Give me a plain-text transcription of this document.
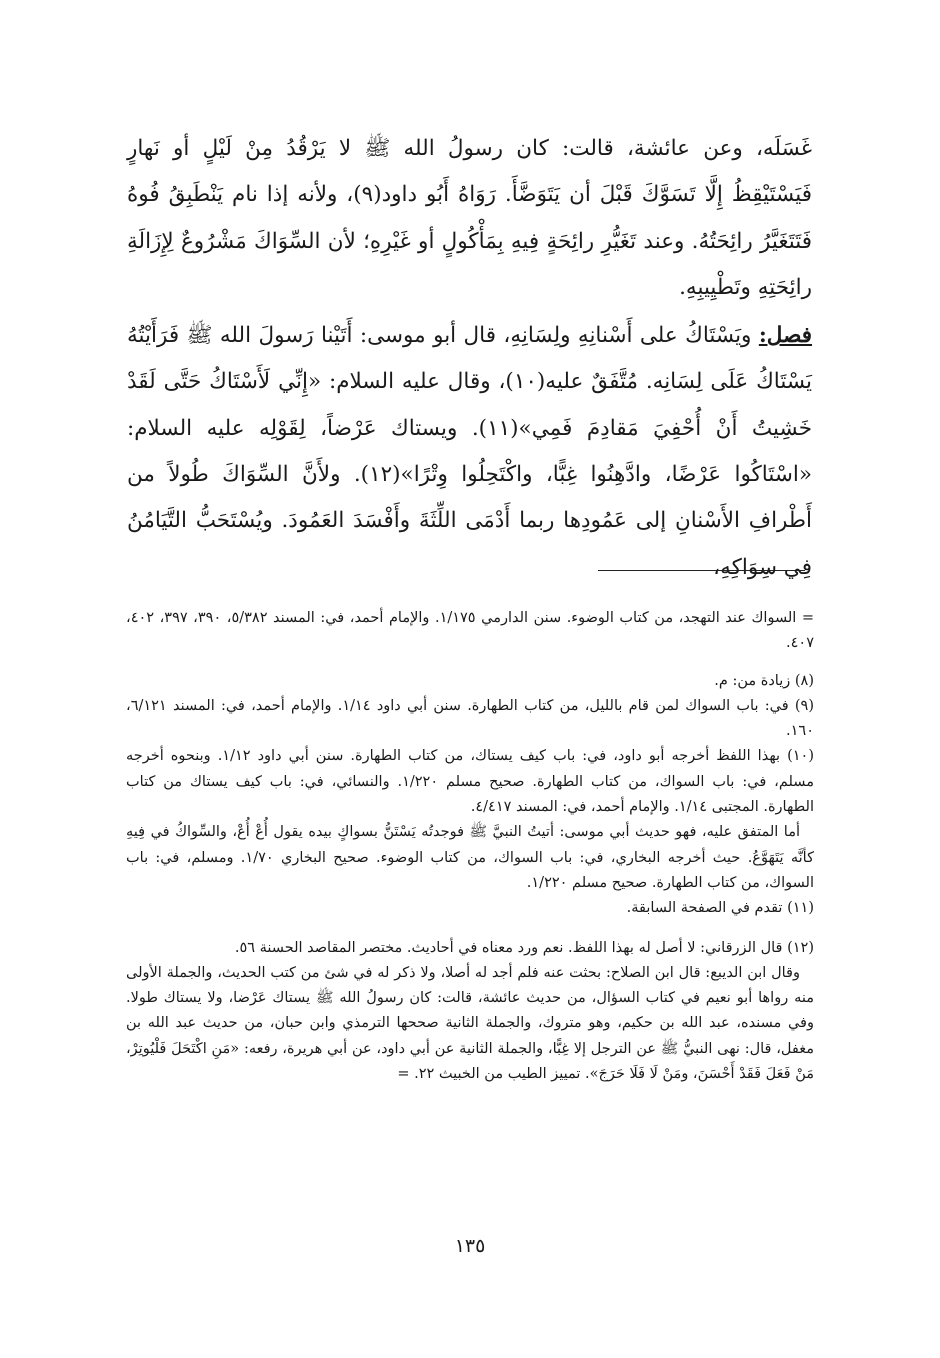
غَسَلَه، وعن عائشة، قالت: كان رسولُ الله ﷺ لا يَرْقُدُ مِنْ لَيْلٍ أو نَهارٍ فَيَسْتَيْقِظُ إِلَّا تَسَوَّكَ قَبْلَ أن يَتَوَضَّأَ. رَوَاهُ أَبُو داود(٩)، ولأنه إذا نام يَنْطَبِقُ فُوهُ فَتَتَغَيَّرُ رائِحَتُهُ. وعند تَغَيُّرِ رائِحَةٍ فِيهِ بِمَأْكُولٍ أو غَيْرِهِ؛ لأن السِّوَاكَ مَشْرُوعٌ لِإِزَالَةِ رائِحَتِهِ وتَطْيِيبِهِ.

فصل: ويَسْتَاكُ على أَسْنانِهِ ولِسَانِهِ، قال أبو موسى: أَتَيْنا رَسولَ الله ﷺ فَرَأَيْتُهُ يَسْتَاكُ عَلَى لِسَانِه. مُتَّفَقٌ عليه(١٠)، وقال عليه السلام: «إِنِّي لَأَسْتَاكُ حَتَّى لَقَدْ خَشِيتُ أَنْ أُحْفِيَ مَقادِمَ فَمِي»(١١). ويستاك عَرْضاً، لِقَوْلِه عليه السلام: «اسْتَاكُوا عَرْضًا، وادَّهِنُوا غِبًّا، واكْتَحِلُوا وِتْرًا»(١٢). ولأَنَّ السِّوَاكَ طُولاً من أَطْرافِ الأَسْنانِ إلى عَمُودِها ربما أَدْمَى اللِّثَةَ وأَفْسَدَ العَمُودَ. ويُسْتَحَبُّ التَّيَامُنُ فِي سِوَاكِهِ،

= السواك عند التهجد، من كتاب الوضوء. سنن الدارمي ١/١٧٥. والإمام أحمد، في: المسند ٥/٣٨٢، ٣٩٠، ٣٩٧، ٤٠٢، ٤٠٧.

(٨) زيادة من: م.

(٩) في: باب السواك لمن قام بالليل، من كتاب الطهارة. سنن أبي داود ١/١٤. والإمام أحمد، في: المسند ٦/١٢١، ١٦٠.

(١٠) بهذا اللفظ أخرجه أبو داود، في: باب كيف يستاك، من كتاب الطهارة. سنن أبي داود ١/١٢. وبنحوه أخرجه مسلم، في: باب السواك، من كتاب الطهارة. صحيح مسلم ١/٢٢٠. والنسائي، في: باب كيف يستاك من كتاب الطهارة. المجتبى ١/١٤. والإمام أحمد، في: المسند ٤/٤١٧.

أما المتفق عليه، فهو حديث أبي موسى: أتيتُ النبيَّ ﷺ فوجدتُه يَسْتَنُّ بسواكٍ بيده يقول أُعْ أُعْ، والسِّواكُ في فِيهِ كأنَّه يَتَهَوَّعُ. حيث أخرجه البخاري، في: باب السواك، من كتاب الوضوء. صحيح البخاري ١/٧٠. ومسلم، في: باب السواك، من كتاب الطهارة. صحيح مسلم ١/٢٢٠.

(١١) تقدم في الصفحة السابقة.

(١٢) قال الزرقاني: لا أصل له بهذا اللفظ. نعم ورد معناه في أحاديث. مختصر المقاصد الحسنة ٥٦.

وقال ابن الديبع: قال ابن الصلاح: بحثت عنه فلم أجد له أصلا، ولا ذكر له في شئ من كتب الحديث، والجملة الأولى منه رواها أبو نعيم في كتاب السؤال، من حديث عائشة، قالت: كان رسولُ الله ﷺ يستاك عَرْضا، ولا يستاك طولا. وفي مسنده، عبد الله بن حكيم، وهو متروك، والجملة الثانية صححها الترمذي وابن حبان، من حديث عبد الله بن مغفل، قال: نهى النبيُّ ﷺ عن الترجل إلا غِبًّا، والجملة الثانية عن أبي داود، عن أبي هريرة، رفعه: «مَنِ اكْتَحَلَ فَلْيُوتِرْ، مَنْ فَعَلَ فَقَدْ أَحْسَنَ، ومَنْ لَا فَلَا حَرَجَ». تمييز الطيب من الخبيث ٢٢. =

١٣٥
